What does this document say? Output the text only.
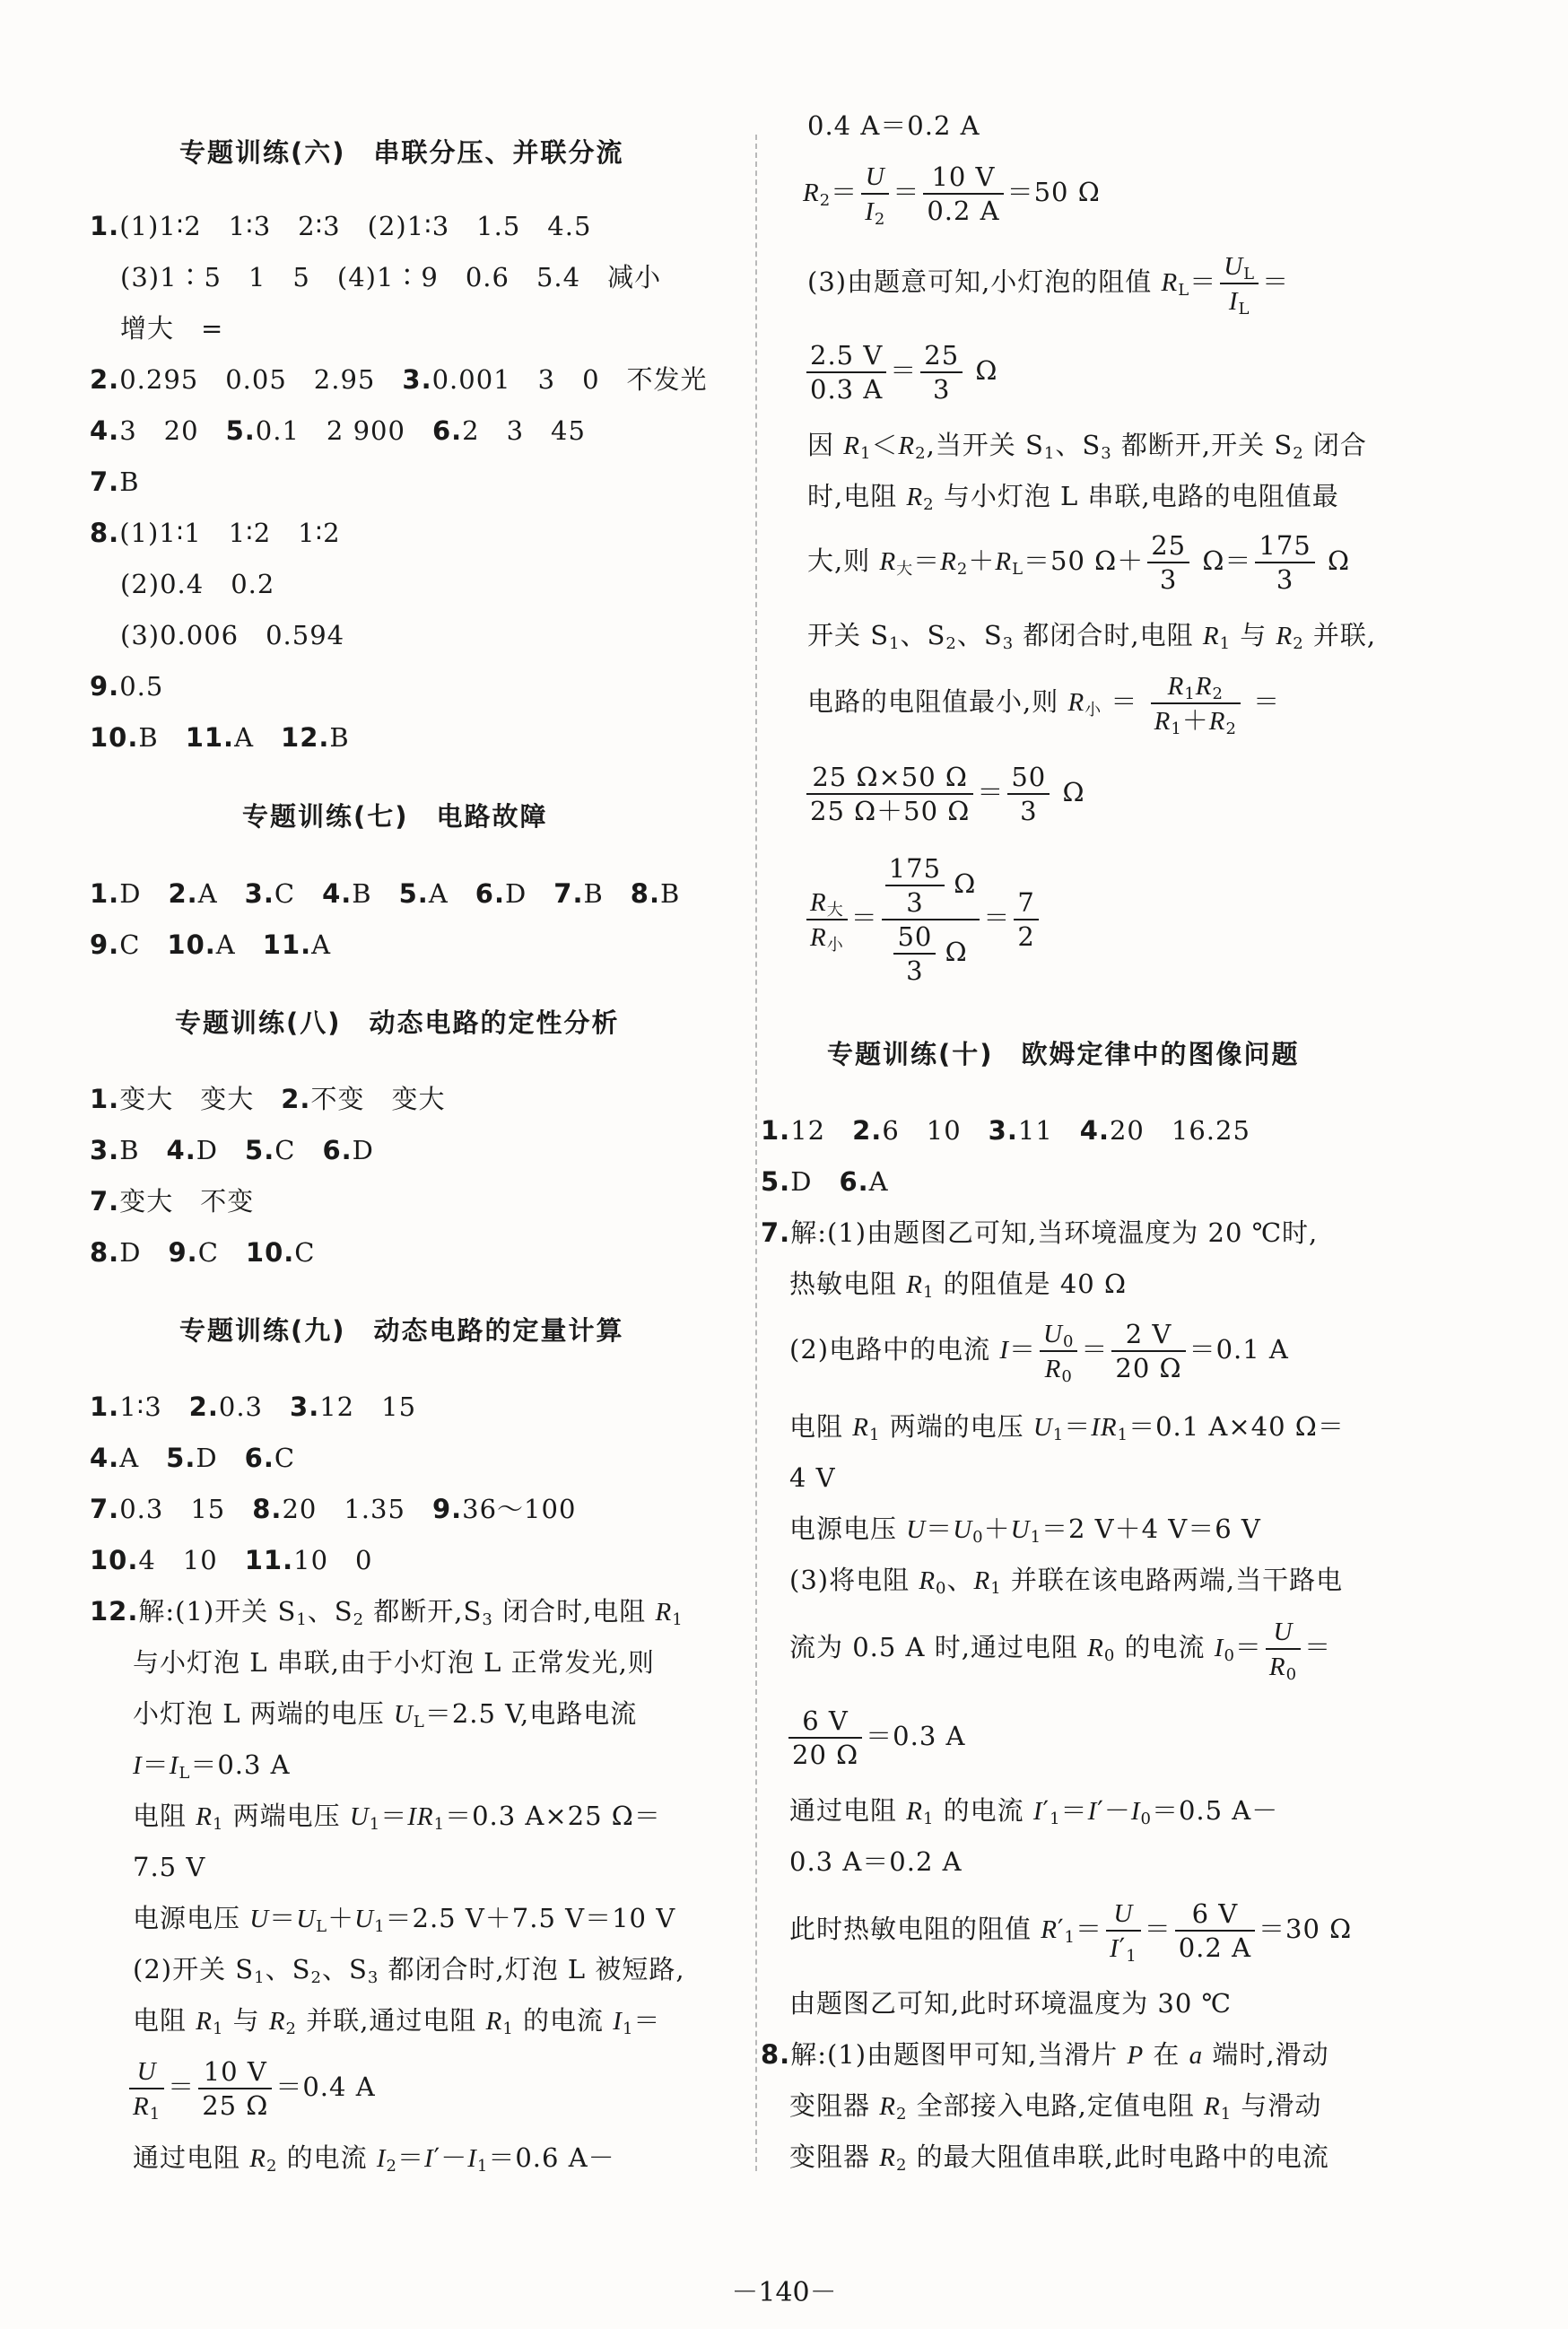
专题训练(六)　串联分压、并联分流
1.(1)1∶2　1∶3　2∶3　(2)1∶3　1.5　4.5
(3)1∶5　1　5　(4)1∶9　0.6　5.4　减小
增大　=
2.0.295　0.05　2.95　 3.0.001　3　0　不发光
4.3　20　 5.0.1　2 900　 6.2　3　45
7.B
8.(1)1∶1　1∶2　1∶2
(2)0.4　0.2
(3)0.006　0.594
9.0.5
10.B　 11.A　 12.B
专题训练(七)　电路故障
1.D　 2.A　 3.C　 4.B　 5.A　 6.D　 7.B　 8.B
9.C　 10.A　 11.A
专题训练(八)　动态电路的定性分析
1.变大　变大　 2.不变　变大
3.B　 4.D　 5.C　 6.D
7.变大　不变
8.D　 9.C　 10.C
专题训练(九)　动态电路的定量计算
1.1∶3　 2.0.3　 3.12　15
4.A　 5.D　 6.C
7.0.3　15　 8.20　1.35　 9.36～100
10.4　10　 11.10　0
12.解:(1)开关 $S_1$、$S_2$ 都断开$,S_3$ 闭合时,电阻 $R_1$
与小灯泡 L 串联,由于小灯泡 L 正常发光,则
小灯泡 L 两端的电压 $U_L=2.5$ V,电路电流
$I=I_L=0.3$ A
电阻 $R_1$ 两端电压 $U_1=IR_1=0.3$ A×25 Ω＝
7.5 V
电源电压 $U=U_L+U_1=2.5$ V＋7.5 V＝10 V
(2)开关 $S_1$、$S_2$、$S_3$ 都闭合时,灯泡 L 被短路,
电阻 $R_1$ 与 $R_2$ 并联,通过电阻 $R_1$ 的电流 $I_1=$
$\frac{U}{R_1} = \frac{10 V}{25 \Omega} =0.4$ A
通过电阻 $R_2$ 的电流 $I_2=I'-I_1=0.6$ A－
0.4 A＝0.2 A
$R_2= \frac{U}{I_2} = \frac{10 V}{0.2 A} =50$ Ω
(3)由题意可知,小灯泡的阻值 $R_L= \frac{U_L}{I_L}$ ＝
$\frac{2.5 V}{0.3 A} = \frac{25}{3}$ Ω
因 $R_1<R_2$,当开关 $S_1$、$S_3$ 都断开,开关 $S_2$ 闭合
时,电阻 $R_2$ 与小灯泡 L 串联,电路的电阻值最
大,则 $R_大=R_2+R_L=50$ $\Omega+ \frac{25}{3} \Omega= \frac{175}{3}$ Ω
开关 $S_1$、$S_2$、$S_3$ 都闭合时,电阻 $R_1$ 与 $R_2$ 并联,
电路的电阻值最小,则 $R_小 = \frac{R_1R_2}{R_1+R_2}$ ＝
$\frac{25 \Omega\times 50 \Omega}{25 \Omega+50 \Omega} = \frac{50}{3}$ Ω
$\frac{R_大}{R_小} = \frac{\frac{175}{3} \Omega}{\frac{50}{3} \Omega} = \frac{7}{2}$
专题训练(十)　欧姆定律中的图像问题
1.12　2.6　10　3.11　4.20　16.25
5.D　6.A
7.解:(1)由题图乙可知,当环境温度为 20 ℃时,
热敏电阻 $R_1$ 的阻值是 40 Ω
(2)电路中的电流 $I= \frac{U_0}{R_0} = \frac{2 V}{20 \Omega} =0.1$ A
电阻 $R_1$ 两端的电压 $U_1=IR_1=0.1$ A×40 Ω＝
4 V
电源电压 $U=U_0+U_1=2$ V＋4 V＝6 V
(3)将电阻 $R_0$、$R_1$ 并联在该电路两端,当干路电
流为 0.5 A 时,通过电阻 $R_0$ 的电流 $I_0= \frac{U}{R_0}$ ＝
$\frac{6 V}{20 \Omega} =0.3$ A
通过电阻 $R_1$ 的电流 $I'_1=I'-I_0=0.5$ A－
0.3 A＝0.2 A
此时热敏电阻的阻值 $R'_1= \frac{U}{I'_1} = \frac{6 V}{0.2 A} =30$ Ω
由题图乙可知,此时环境温度为 30 ℃
8.解:(1)由题图甲可知,当滑片 P 在 a 端时,滑动
变阻器 $R_2$ 全部接入电路,定值电阻 $R_1$ 与滑动
变阻器 $R_2$ 的最大阻值串联,此时电路中的电流
－140－
